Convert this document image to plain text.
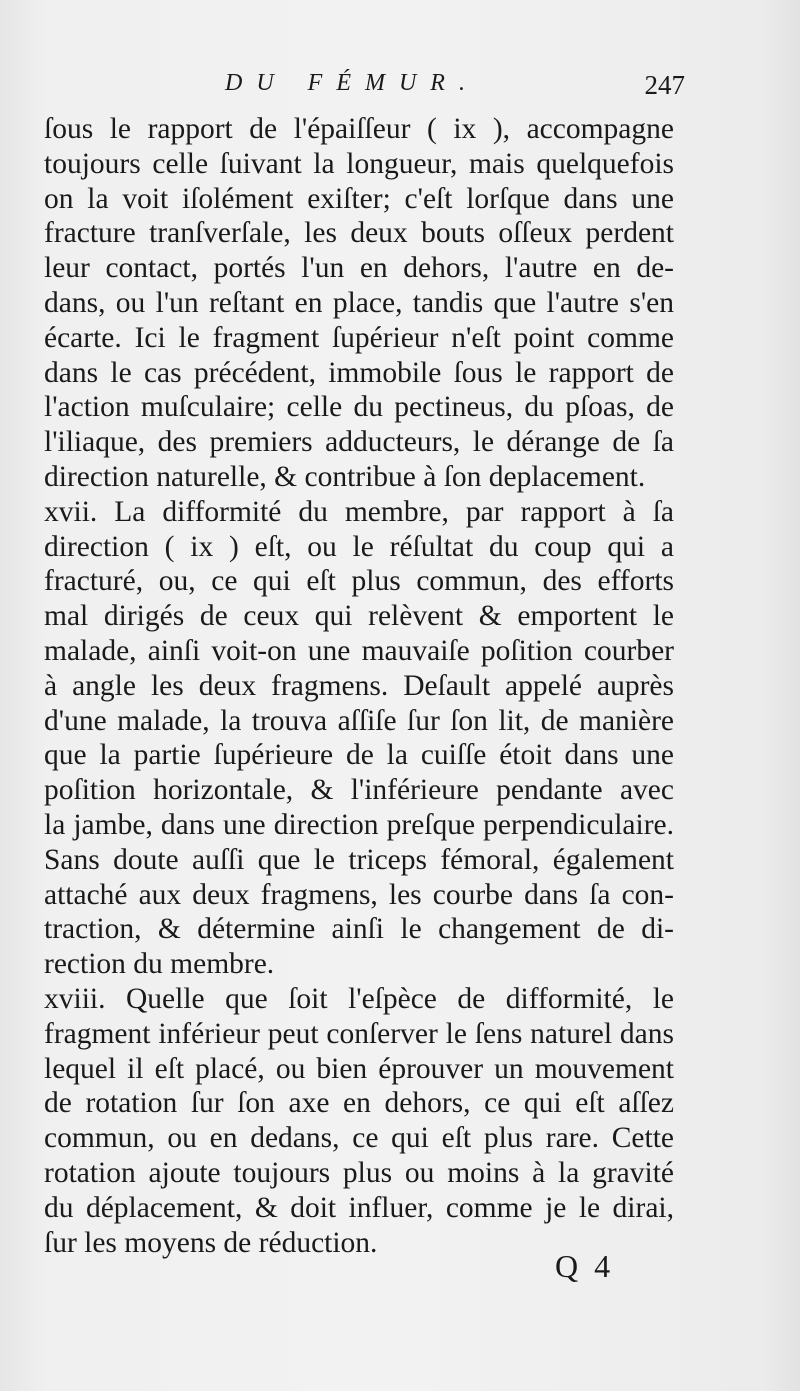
DU FÉMUR.	247
ſous le rapport de l'épaiſſeur ( ix ), accompagne
toujours celle ſuivant la longueur, mais quelquefois
on la voit iſolément exiſter; c'eſt lorſque dans une
fracture tranſverſale, les deux bouts oſſeux perdent
leur contact, portés l'un en dehors, l'autre en de-
dans, ou l'un reſtant en place, tandis que l'autre s'en
écarte. Ici le fragment ſupérieur n'eſt point comme
dans le cas précédent, immobile ſous le rapport de
l'action muſculaire; celle du pectineus, du pſoas, de
l'iliaque, des premiers adducteurs, le dérange de ſa
direction naturelle, & contribue à ſon deplacement.
xvii. La difformité du membre, par rapport à ſa
direction ( ix ) eſt, ou le réſultat du coup qui a
fracturé, ou, ce qui eſt plus commun, des efforts
mal dirigés de ceux qui relèvent & emportent le
malade, ainſi voit-on une mauvaiſe poſition courber
à angle les deux fragmens. Deſault appelé auprès
d'une malade, la trouva aſſiſe ſur ſon lit, de manière
que la partie ſupérieure de la cuiſſe étoit dans une
poſition horizontale, & l'inférieure pendante avec
la jambe, dans une direction preſque perpendiculaire.
Sans doute auſſi que le triceps fémoral, également
attaché aux deux fragmens, les courbe dans ſa con-
traction, & détermine ainſi le changement de di-
rection du membre.
xviii. Quelle que ſoit l'eſpèce de difformité, le
fragment inférieur peut conſerver le ſens naturel dans
lequel il eſt placé, ou bien éprouver un mouvement
de rotation ſur ſon axe en dehors, ce qui eſt aſſez
commun, ou en dedans, ce qui eſt plus rare. Cette
rotation ajoute toujours plus ou moins à la gravité
du déplacement, & doit influer, comme je le dirai,
ſur les moyens de réduction.
Q 4
